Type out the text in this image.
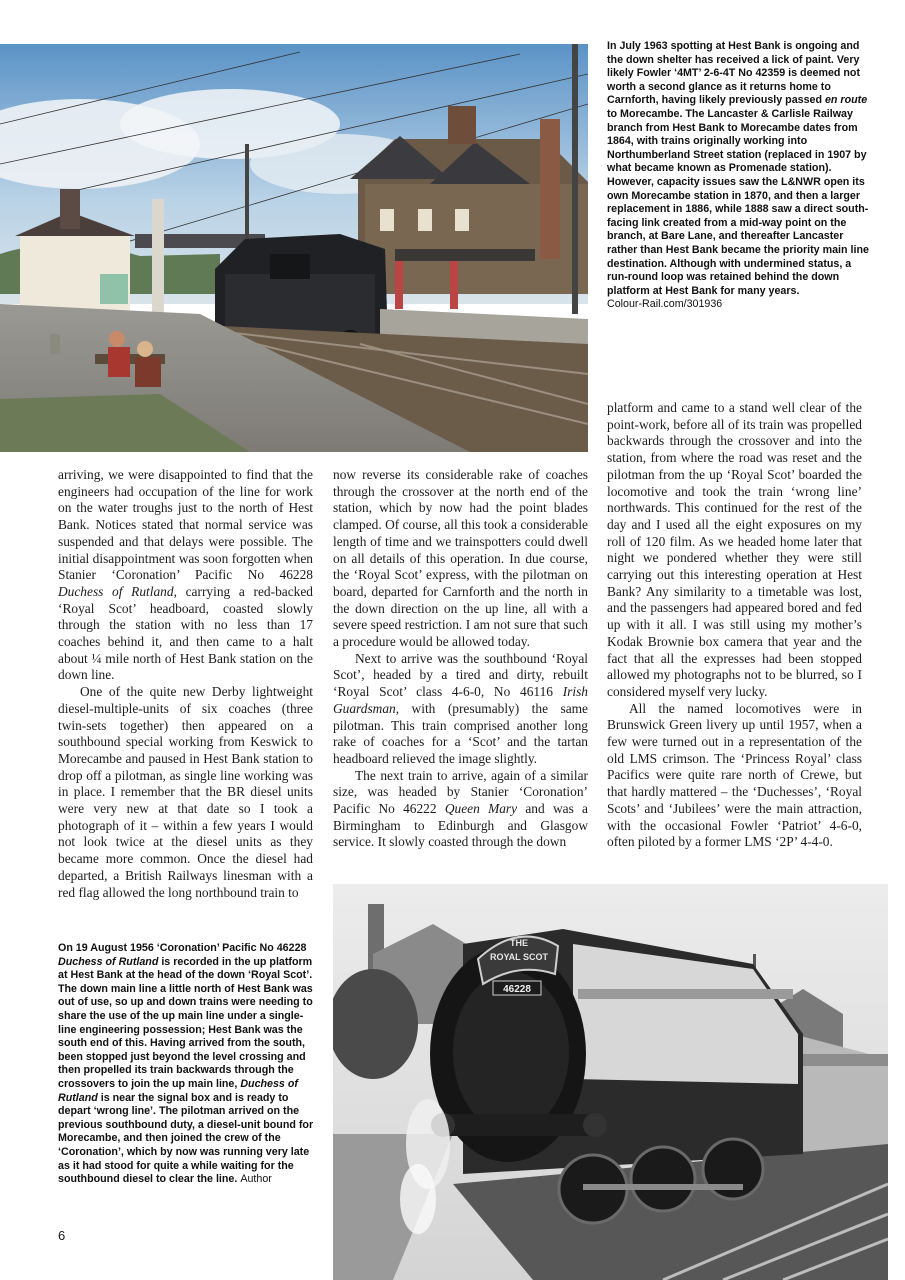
In July 1963 spotting at Hest Bank is ongoing and the down shelter has received a lick of paint. Very likely Fowler ‘4MT’ 2-6-4T No 42359 is deemed not worth a second glance as it returns home to Carnforth, having likely previously passed en route to Morecambe. The Lancaster & Carlisle Railway branch from Hest Bank to Morecambe dates from 1864, with trains originally working into Northumberland Street station (replaced in 1907 by what became known as Promenade station). However, capacity issues saw the L&NWR open its own Morecambe station in 1870, and then a larger replacement in 1886, while 1888 saw a direct south-facing link created from a mid-way point on the branch, at Bare Lane, and thereafter Lancaster rather than Hest Bank became the priority main line destination. Although with undermined status, a run-round loop was retained behind the down platform at Hest Bank for many years.
Colour-Rail.com/301936

arriving, we were disappointed to find that the engineers had occupation of the line for work on the water troughs just to the north of Hest Bank. Notices stated that normal service was suspended and that delays were possible. The initial disappointment was soon forgotten when Stanier ‘Coronation’ Pacific No 46228 Duchess of Rutland, carrying a red-backed ‘Royal Scot’ headboard, coasted slowly through the station with no less than 17 coaches behind it, and then came to a halt about ¼ mile north of Hest Bank station on the down line.

One of the quite new Derby lightweight diesel-multiple-units of six coaches (three twin-sets together) then appeared on a southbound special working from Keswick to Morecambe and paused in Hest Bank station to drop off a pilotman, as single line working was in place. I remember that the BR diesel units were very new at that date so I took a photograph of it – within a few years I would not look twice at the diesel units as they became more common. Once the diesel had departed, a British Railways linesman with a red flag allowed the long northbound train to

now reverse its considerable rake of coaches through the crossover at the north end of the station, which by now had the point blades clamped. Of course, all this took a considerable length of time and we trainspotters could dwell on all details of this operation. In due course, the ‘Royal Scot’ express, with the pilotman on board, departed for Carnforth and the north in the down direction on the up line, all with a severe speed restriction. I am not sure that such a procedure would be allowed today.

Next to arrive was the southbound ‘Royal Scot’, headed by a tired and dirty, rebuilt ‘Royal Scot’ class 4-6-0, No 46116 Irish Guardsman, with (presumably) the same pilotman. This train comprised another long rake of coaches for a ‘Scot’ and the tartan headboard relieved the image slightly.

The next train to arrive, again of a similar size, was headed by Stanier ‘Coronation’ Pacific No 46222 Queen Mary and was a Birmingham to Edinburgh and Glasgow service. It slowly coasted through the down

platform and came to a stand well clear of the point-work, before all of its train was propelled backwards through the crossover and into the station, from where the road was reset and the pilotman from the up ‘Royal Scot’ boarded the locomotive and took the train ‘wrong line’ northwards. This continued for the rest of the day and I used all the eight exposures on my roll of 120 film. As we headed home later that night we pondered whether they were still carrying out this interesting operation at Hest Bank? Any similarity to a timetable was lost, and the passengers had appeared bored and fed up with it all. I was still using my mother’s Kodak Brownie box camera that year and the fact that all the expresses had been stopped allowed my photographs not to be blurred, so I considered myself very lucky.

All the named locomotives were in Brunswick Green livery up until 1957, when a few were turned out in a representation of the old LMS crimson. The ‘Princess Royal’ class Pacifics were quite rare north of Crewe, but that hardly mattered – the ‘Duchesses’, ‘Royal Scots’ and ‘Jubilees’ were the main attraction, with the occasional Fowler ‘Patriot’ 4-6-0, often piloted by a former LMS ‘2P’ 4-4-0.

On 19 August 1956 ‘Coronation’ Pacific No 46228 Duchess of Rutland is recorded in the up platform at Hest Bank at the head of the down ‘Royal Scot’. The down main line a little north of Hest Bank was out of use, so up and down trains were needing to share the use of the up main line under a single-line engineering possession; Hest Bank was the south end of this. Having arrived from the south, been stopped just beyond the level crossing and then propelled its train backwards through the crossovers to join the up main line, Duchess of Rutland is near the signal box and is ready to depart ‘wrong line’. The pilotman arrived on the previous southbound duty, a diesel-unit bound for Morecambe, and then joined the crew of the ‘Coronation’, which by now was running very late as it had stood for quite a while waiting for the southbound diesel to clear the line. Author
THE
ROYAL SCOT
46228
6
